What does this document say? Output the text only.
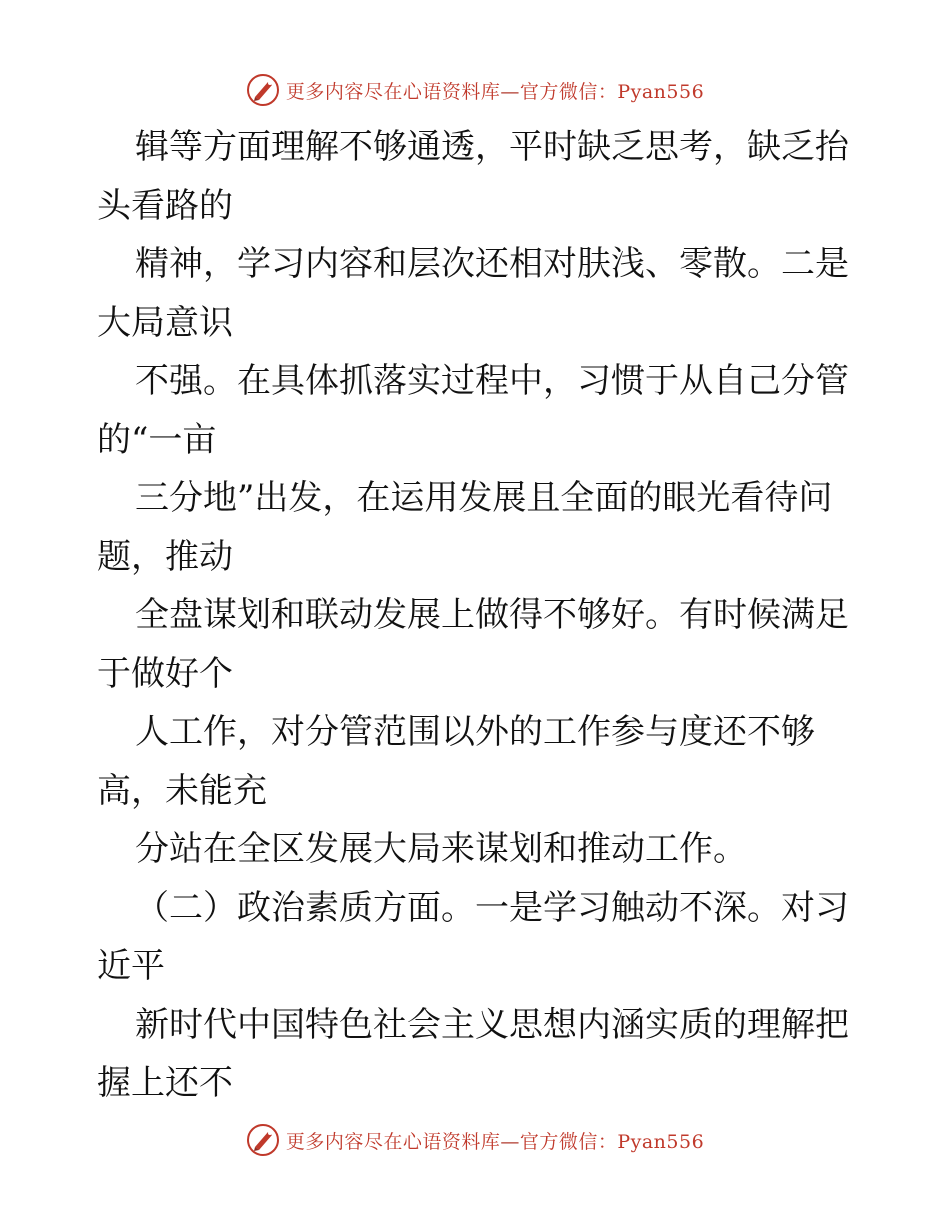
更多内容尽在心语资料库—官方微信：Pyan556
辑等方面理解不够通透，平时缺乏思考，缺乏抬
头看路的
精神，学习内容和层次还相对肤浅、零散。二是
大局意识
不强。在具体抓落实过程中，习惯于从自己分管
的“一亩
三分地”出发，在运用发展且全面的眼光看待问
题，推动
全盘谋划和联动发展上做得不够好。有时候满足
于做好个
人工作，对分管范围以外的工作参与度还不够
高，未能充
分站在全区发展大局来谋划和推动工作。
（二）政治素质方面。一是学习触动不深。对习
近平
新时代中国特色社会主义思想内涵实质的理解把
握上还不
更多内容尽在心语资料库—官方微信：Pyan556
